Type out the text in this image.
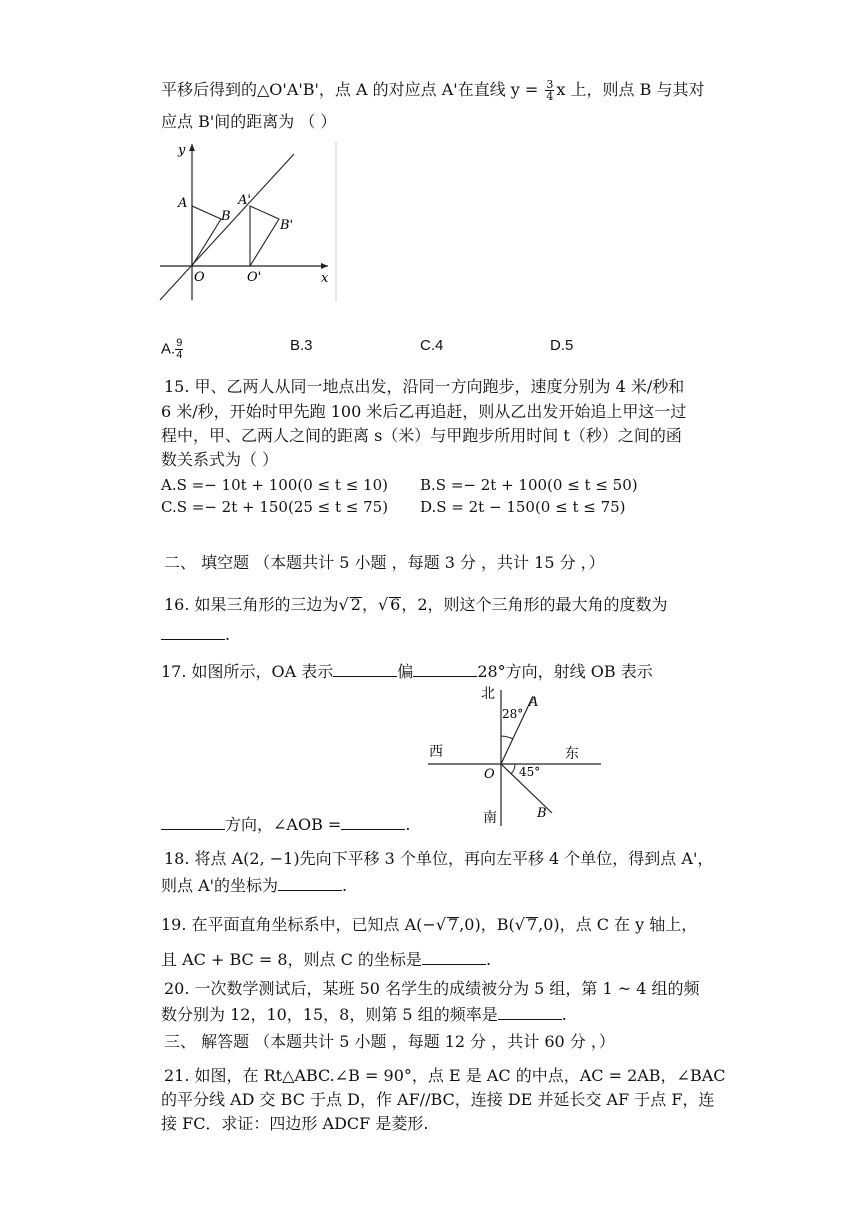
平移后得到的△O'A'B'，点 A 的对应点 A'在直线 $y = \frac{3}{4}$ x 上，则点 B 与其对
应点 B'间的距离为 （ ）
y
x
A
B
O
A'
B'
O'
A. $\frac{9}{4}$	B.3	C.4	D.5
15. 甲、乙两人从同一地点出发，沿同一方向跑步，速度分别为 4 米/秒和
6 米/秒，开始时甲先跑 100 米后乙再追赶，则从乙出发开始追上甲这一过
程中，甲、乙两人之间的距离 s（米）与甲跑步所用时间 t（秒）之间的函
数关系式为（ ）
A.S =− 10t + 100(0 ≤ t ≤ 10) B.S =− 2t + 100(0 ≤ t ≤ 50)
C.S =− 2t + 150(25 ≤ t ≤ 75) D.S = 2t − 150(0 ≤ t ≤ 75)
二、 填空题 （本题共计 5 小题 ，每题 3 分 ，共计 15 分 ，）
16. 如果三角形的三边为√ 2，√ 6，2，则这个三角形的最大角的度数为
.
17. 如图所示，OA 表示	偏	28°方向，射线 OB 表示
北
南
西	东
O
A
B
28°
45°
方向，∠AOB =	.
18. 将点 A(2, −1)先向下平移 3 个单位，再向左平移 4 个单位，得到点 A'，
则点 A'的坐标为	.
19. 在平面直角坐标系中，已知点 A(−√ 7,0)，B(√ 7,0)，点 C 在 y 轴上，
且 AC + BC = 8，则点 C 的坐标是	.
20. 一次数学测试后，某班 50 名学生的成绩被分为 5 组，第 1 ~ 4 组的频
数分别为 12，10，15，8，则第 5 组的频率是	.
三、 解答题 （本题共计 5 小题 ，每题 12 分 ，共计 60 分 ，）
21. 如图，在 Rt△ABC.∠B = 90°，点 E 是 AC 的中点，AC = 2AB，∠BAC
的平分线 AD 交 BC 于点 D，作 AF//BC，连接 DE 并延长交 AF 于点 F，连
接 FC．求证：四边形 ADCF 是菱形.
